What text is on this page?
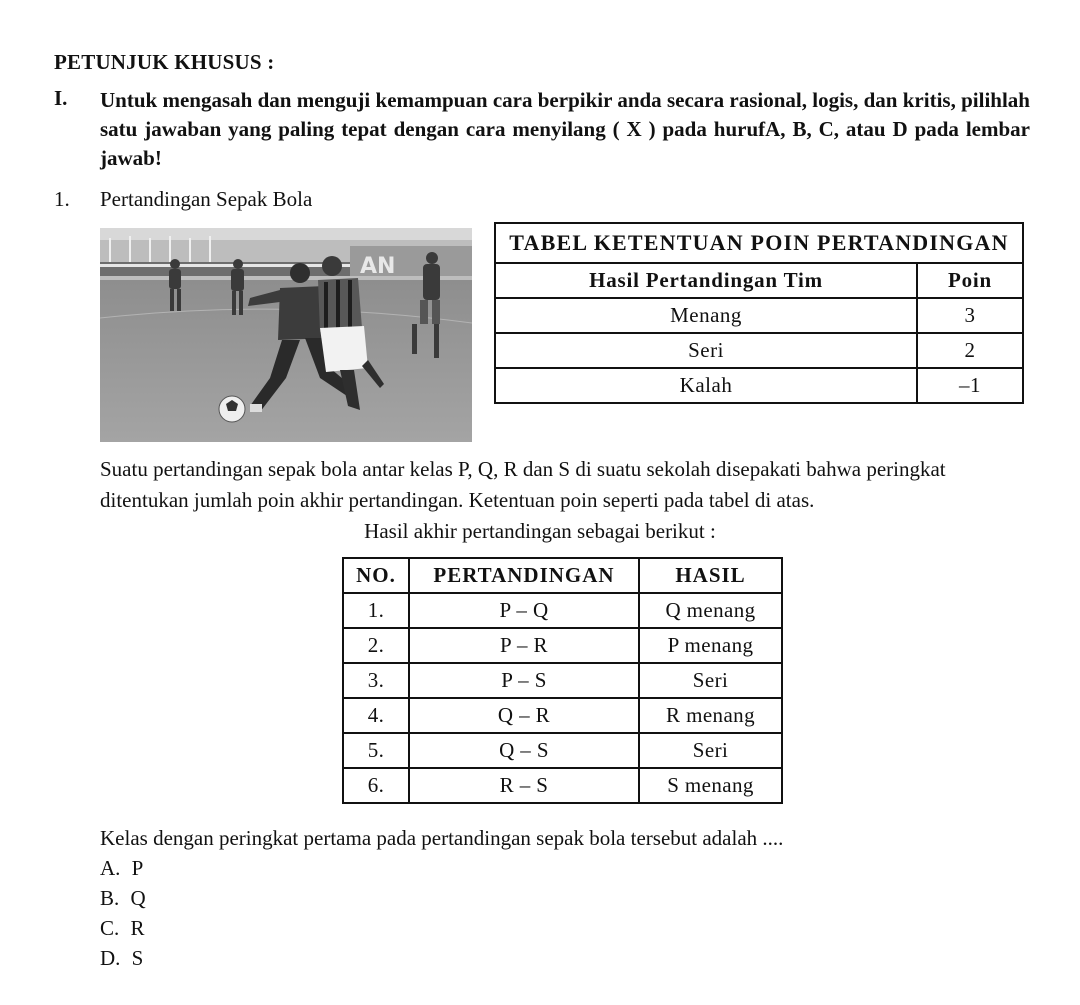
PETUNJUK KHUSUS :
I. Untuk mengasah dan menguji kemampuan cara berpikir anda secara rasional, logis, dan kritis, pilihlah satu jawaban yang paling tepat dengan cara menyilang ( X ) pada hurufA, B, C, atau D pada lembar jawab!
1. Pertandingan Sepak Bola
AN
TABEL KETENTUAN POIN PERTANDINGAN	
Hasil Pertandingan Tim	Poin
Menang	3
Seri	2
Kalah	–1
Suatu pertandingan sepak bola antar kelas P, Q, R dan S di suatu sekolah disepakati bahwa peringkat ditentukan jumlah poin akhir pertandingan. Ketentuan poin seperti pada tabel di atas.
Hasil akhir pertandingan sebagai berikut :
NO.	PERTANDINGAN	HASIL
1.	P – Q	Q menang
2.	P – R	P menang
3.	P – S	Seri
4.	Q – R	R menang
5.	Q – S	Seri
6.	R – S	S menang
Kelas dengan peringkat pertama pada pertandingan sepak bola tersebut adalah ....
A. P
B. Q
C. R
D. S
